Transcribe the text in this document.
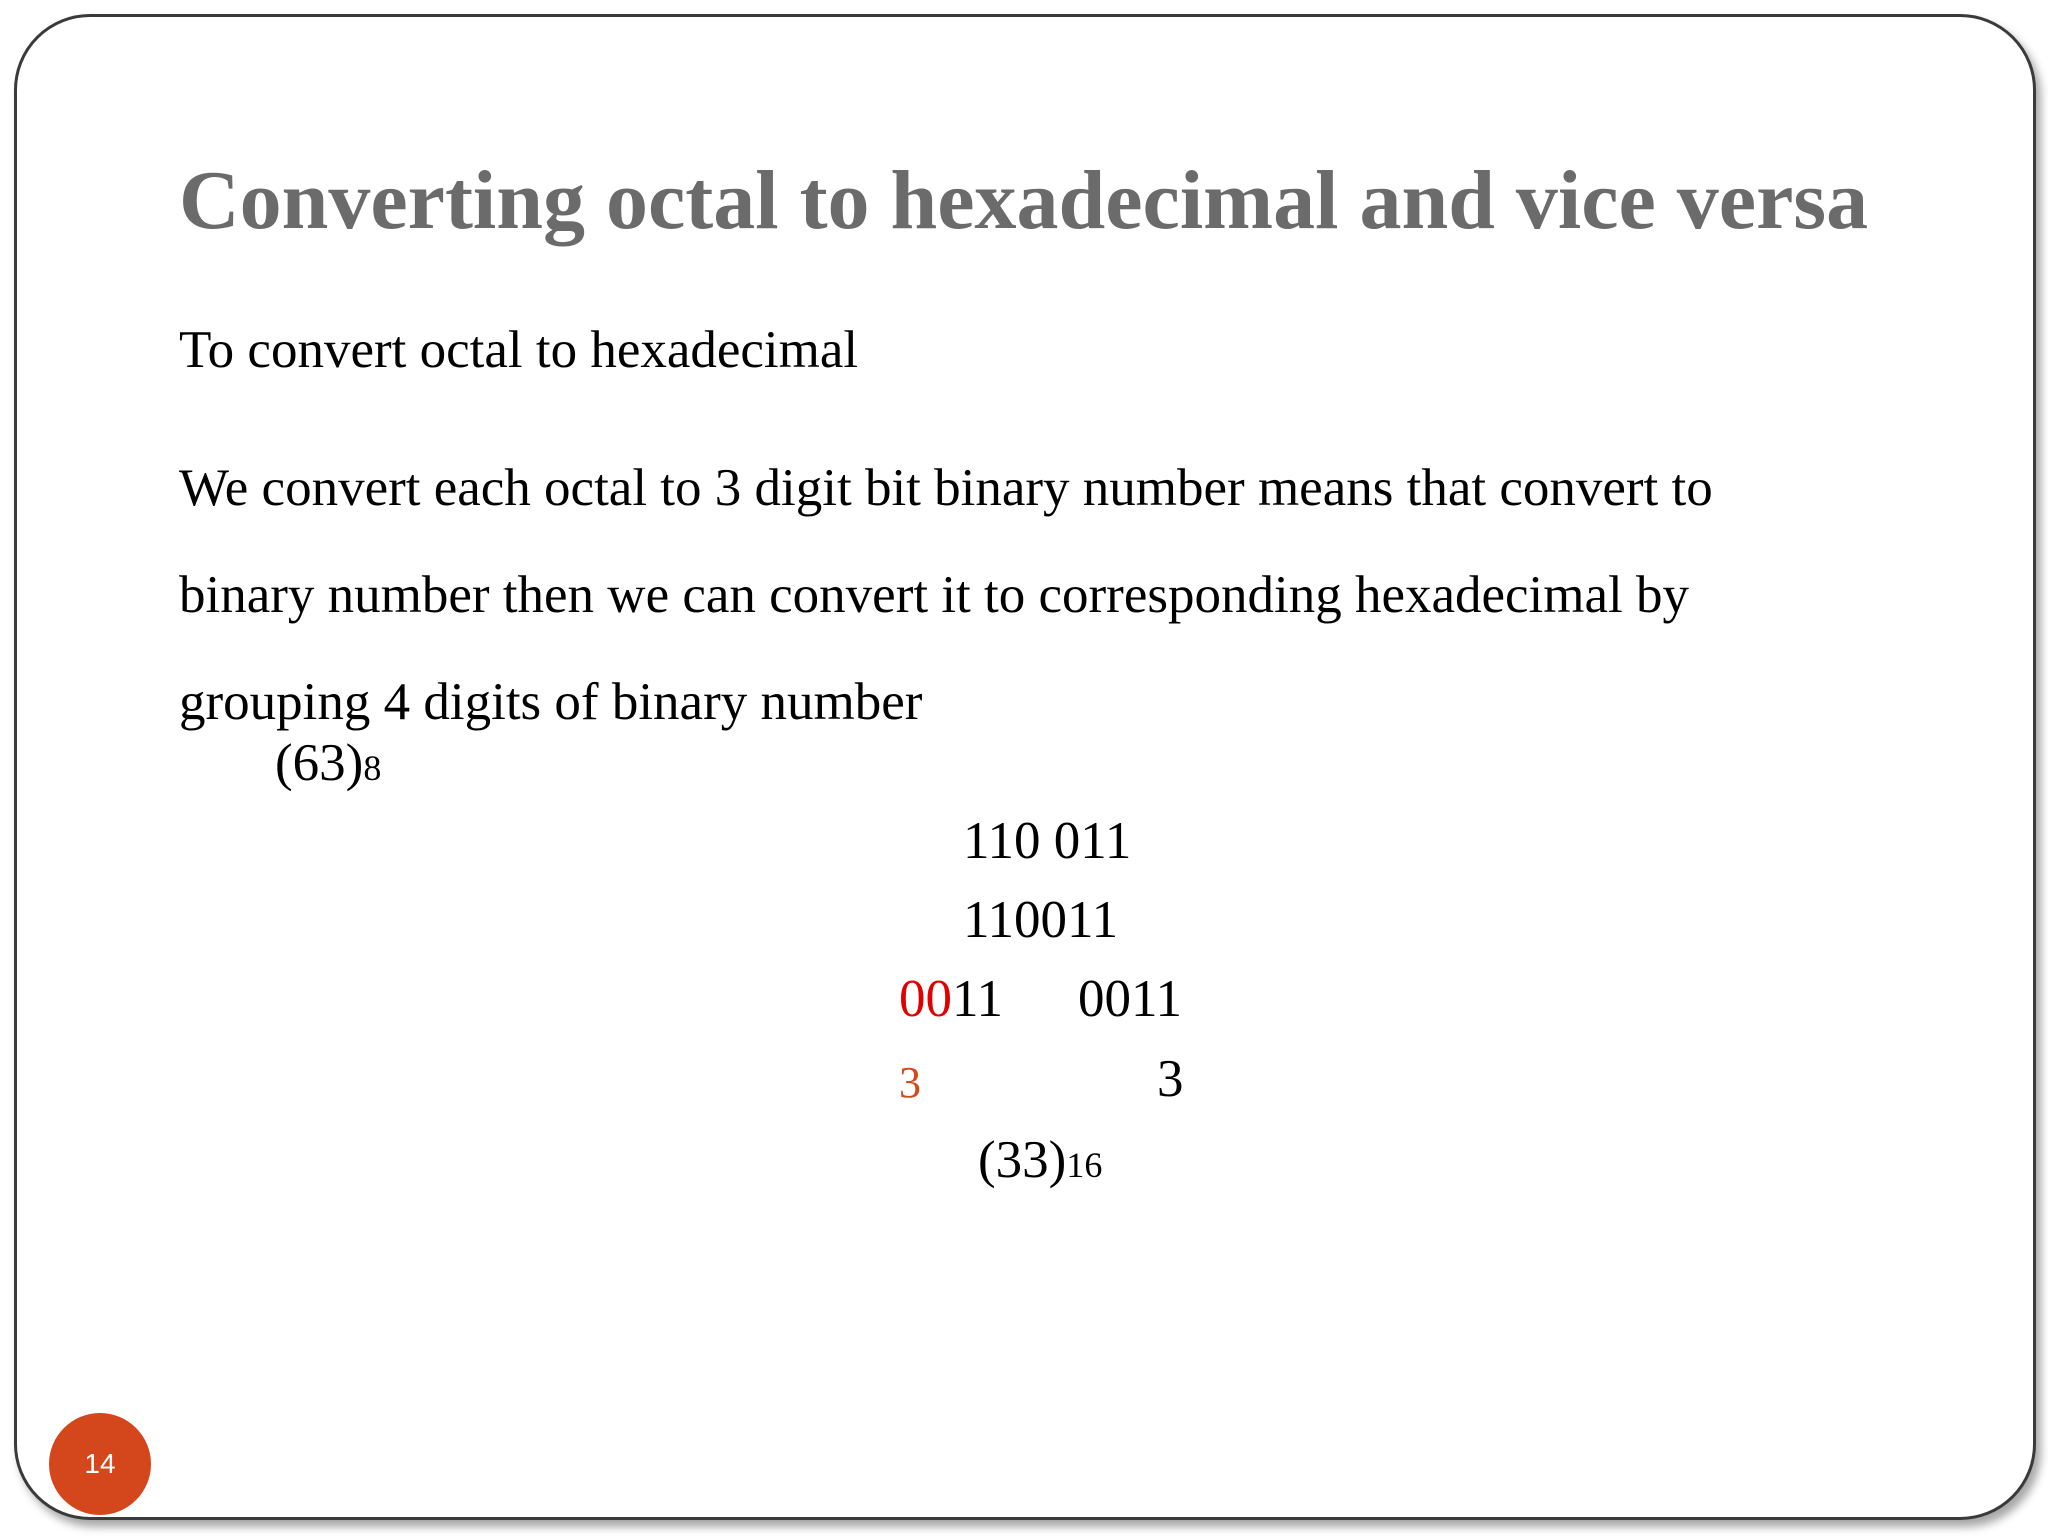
Converting octal to hexadecimal and vice versa

To convert octal to hexadecimal

We convert each octal to 3 digit bit binary number means that convert to
binary number then we can convert it to corresponding hexadecimal by
grouping 4 digits of binary number

(63)8
110 011
110011
0011 0011
3	3
(33)16
14
